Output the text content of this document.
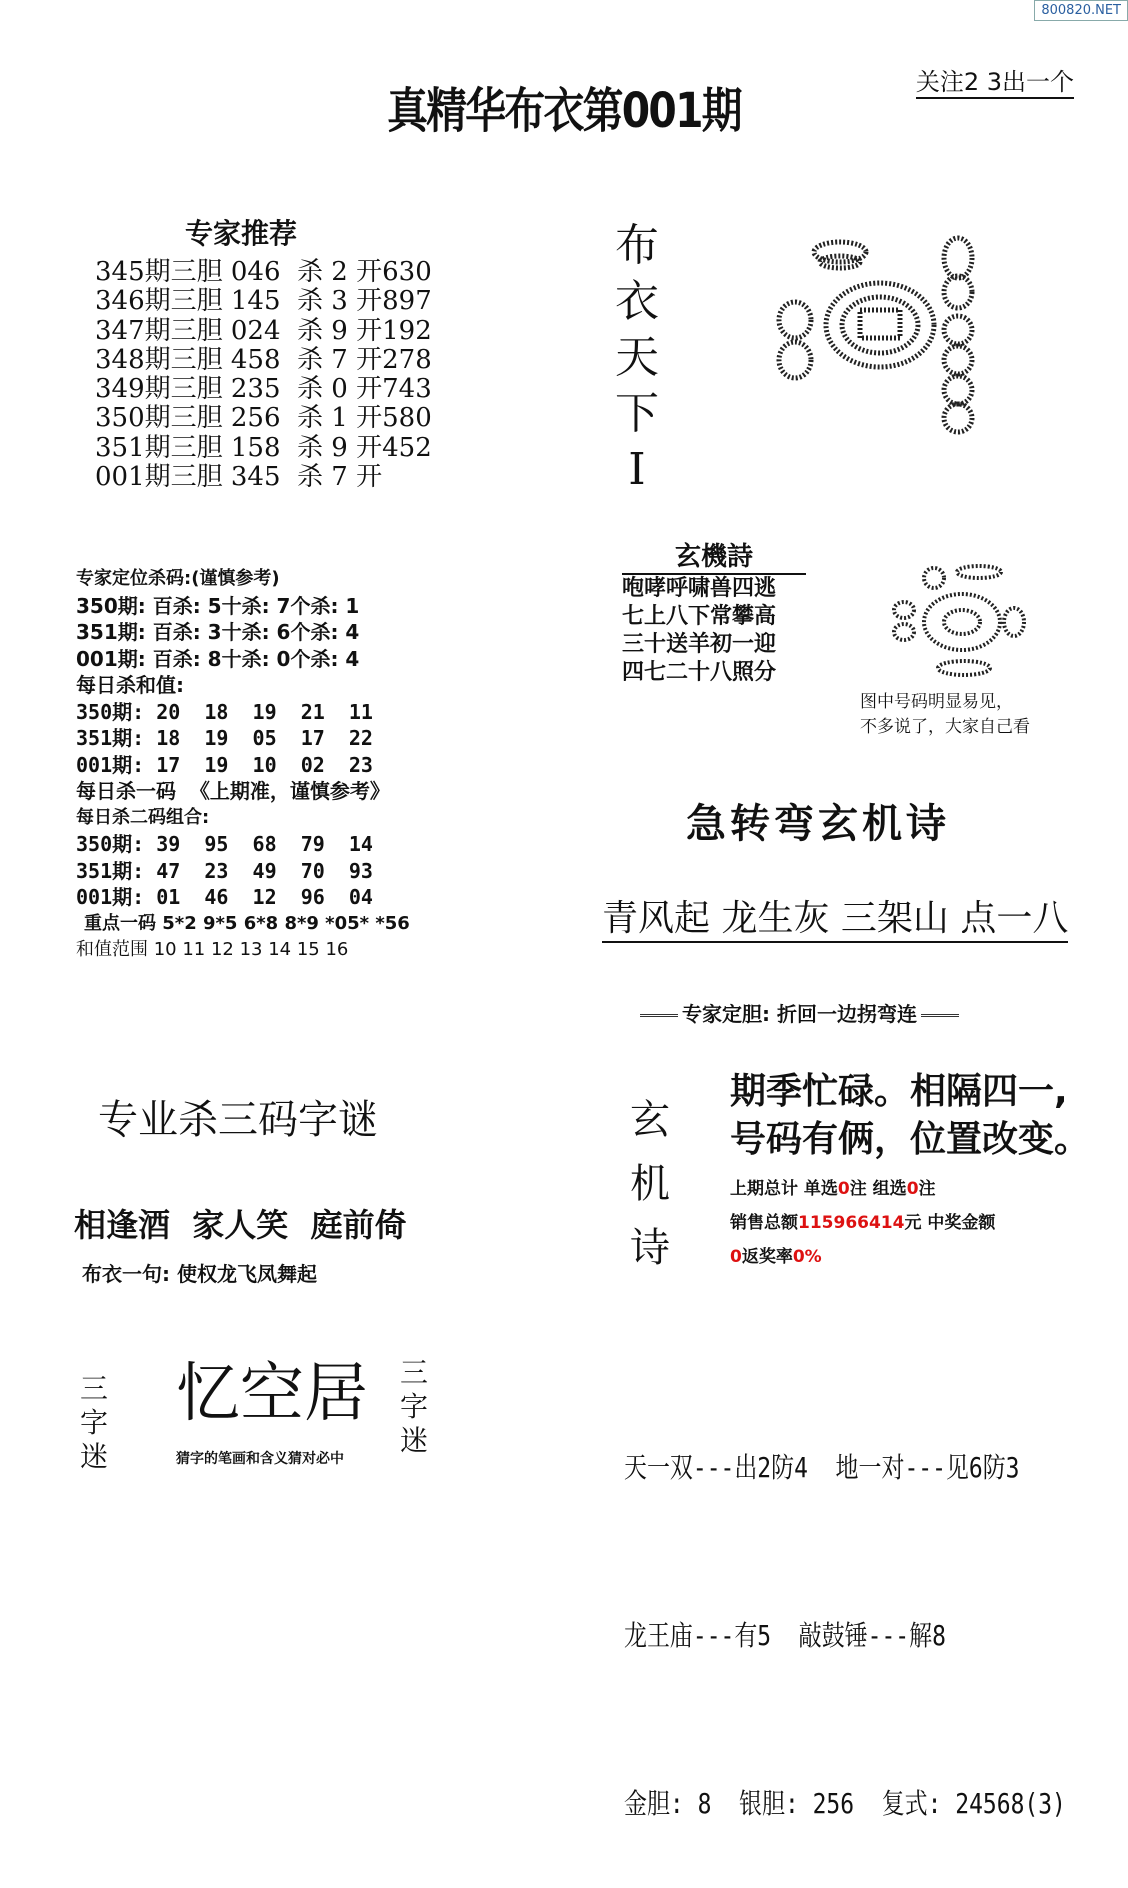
800820.NET
真精华布衣第001期
关注2 3出一个
专家推荐
345期三胆 046  杀 2 开630
346期三胆 145  杀 3 开897
347期三胆 024  杀 9 开192
348期三胆 458  杀 7 开278
349期三胆 235  杀 0 开743
350期三胆 256  杀 1 开580
351期三胆 158  杀 9 开452
001期三胆 345  杀 7 开
专家定位杀码:(谨慎参考)
350期: 百杀: 5十杀: 7个杀: 1
351期: 百杀: 3十杀: 6个杀: 4
001期: 百杀: 8十杀: 0个杀: 4
每日杀和值:
350期: 20  18  19  21  11
351期: 18  19  05  17  22
001期: 17  19  10  02  23
每日杀一码  《上期准，谨慎参考》
每日杀二码组合:
350期: 39  95  68  79  14
351期: 47  23  49  70  93
001期: 01  46  12  96  04
重点一码 5*2 9*5 6*8 8*9 *05* *56
和值范围 10 11 12 13 14 15 16
专业杀三码字谜
相逢酒  家人笑  庭前倚
布衣一句: 使权龙飞凤舞起
三字迷
忆空居
猜字的笔画和含义猜对必中
三字迷
布
衣
天
下
I
玄機詩
咆哮呼啸兽四逃
七上八下常攀高
三十送羊初一迎
四七二十八照分
图中号码明显易见，
不多说了，大家自己看
急转弯玄机诗
青风起 龙生灰 三架山 点一八
专家定胆: 折回一边拐弯连
玄
机
诗
期季忙碌。相隔四一,
号码有俩，位置改变。
上期总计 单选0注 组选0注
销售总额115966414元 中奖金额
0返奖率0%

天一双---出2防4  地一对---见6防3

龙王庙---有5  敲鼓锤---解8

金胆: 8  银胆: 256  复式: 24568(3)
